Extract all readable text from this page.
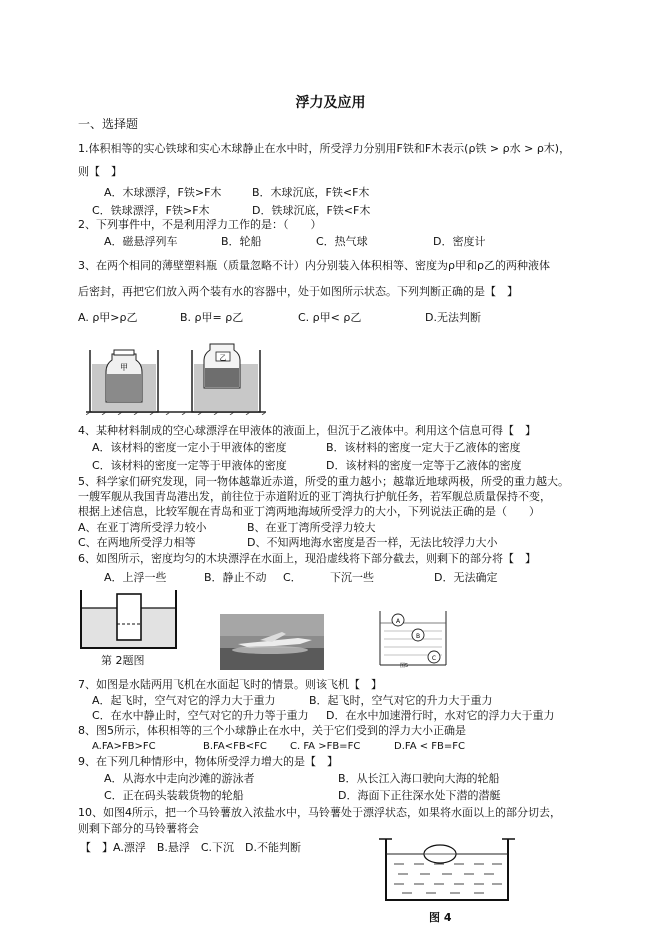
浮力及应用
一、选择题
1.体积相等的实心铁球和实心木球静止在水中时，所受浮力分别用F铁和F木表示(ρ铁 > ρ水 > ρ木)，
则【　】
A．木球漂浮，F铁>F木	B．木球沉底，F铁<F木
C．铁球漂浮，F铁>F木	D．铁球沉底，F铁<F木
2、下列事件中，不是利用浮力工作的是：（　　）
A．磁悬浮列车	B．轮船	C．热气球	D．密度计
3、在两个相同的薄壁塑料瓶（质量忽略不计）内分别装入体积相等、密度为ρ甲和ρ乙的两种液体
后密封，再把它们放入两个装有水的容器中，处于如图所示状态。下列判断正确的是【　】
A. ρ甲>ρ乙	B. ρ甲= ρ乙	C. ρ甲< ρ乙	D.无法判断
甲
乙
4、某种材料制成的空心球漂浮在甲液体的液面上，但沉于乙液体中。利用这个信息可得【　】
A．该材料的密度一定小于甲液体的密度	B．该材料的密度一定大于乙液体的密度
C．该材料的密度一定等于甲液体的密度	D．该材料的密度一定等于乙液体的密度
5、科学家们研究发现，同一物体越靠近赤道，所受的重力越小；越靠近地球两极，所受的重力越大。
一艘军舰从我国青岛港出发，前往位于赤道附近的亚丁湾执行护航任务，若军舰总质量保持不变，
根据上述信息，比较军舰在青岛和亚丁湾两地海域所受浮力的大小，下列说法正确的是（　　）
A、在亚丁湾所受浮力较小	B、在亚丁湾所受浮力较大
C、在两地所受浮力相等	D、不知两地海水密度是否一样，无法比较浮力大小
6、如图所示，密度均匀的木块漂浮在水面上，现沿虚线将下部分截去，则剩下的部分将【　】
A．上浮一些	B．静止不动 C．	下沉一些	D．无法确定
第 2题图
A
B
C
图5
7、如图是水陆两用飞机在水面起飞时的情景。则该飞机【　】
A．起飞时，空气对它的浮力大于重力	B．起飞时，空气对它的升力大于重力
C．在水中静止时，空气对它的升力等于重力 D．在水中加速滑行时，水对它的浮力大于重力
8、图5所示，体积相等的三个小球静止在水中，关于它们受到的浮力大小正确是
A.FA>FB>FC	B.FA<FB<FC C. FA >FB=FC	D.FA < FB=FC
9、在下列几种情形中，物体所受浮力增大的是【　】
A．从海水中走向沙滩的游泳者	B．从长江入海口驶向大海的轮船
C．正在码头装载货物的轮船	D．海面下正往深水处下潜的潜艇
10、如图4所示，把一个马铃薯放入浓盐水中，马铃薯处于漂浮状态，如果将水面以上的部分切去，
则剩下部分的马铃薯将会
【　】A.漂浮　B.悬浮　C.下沉　D.不能判断
图 4
